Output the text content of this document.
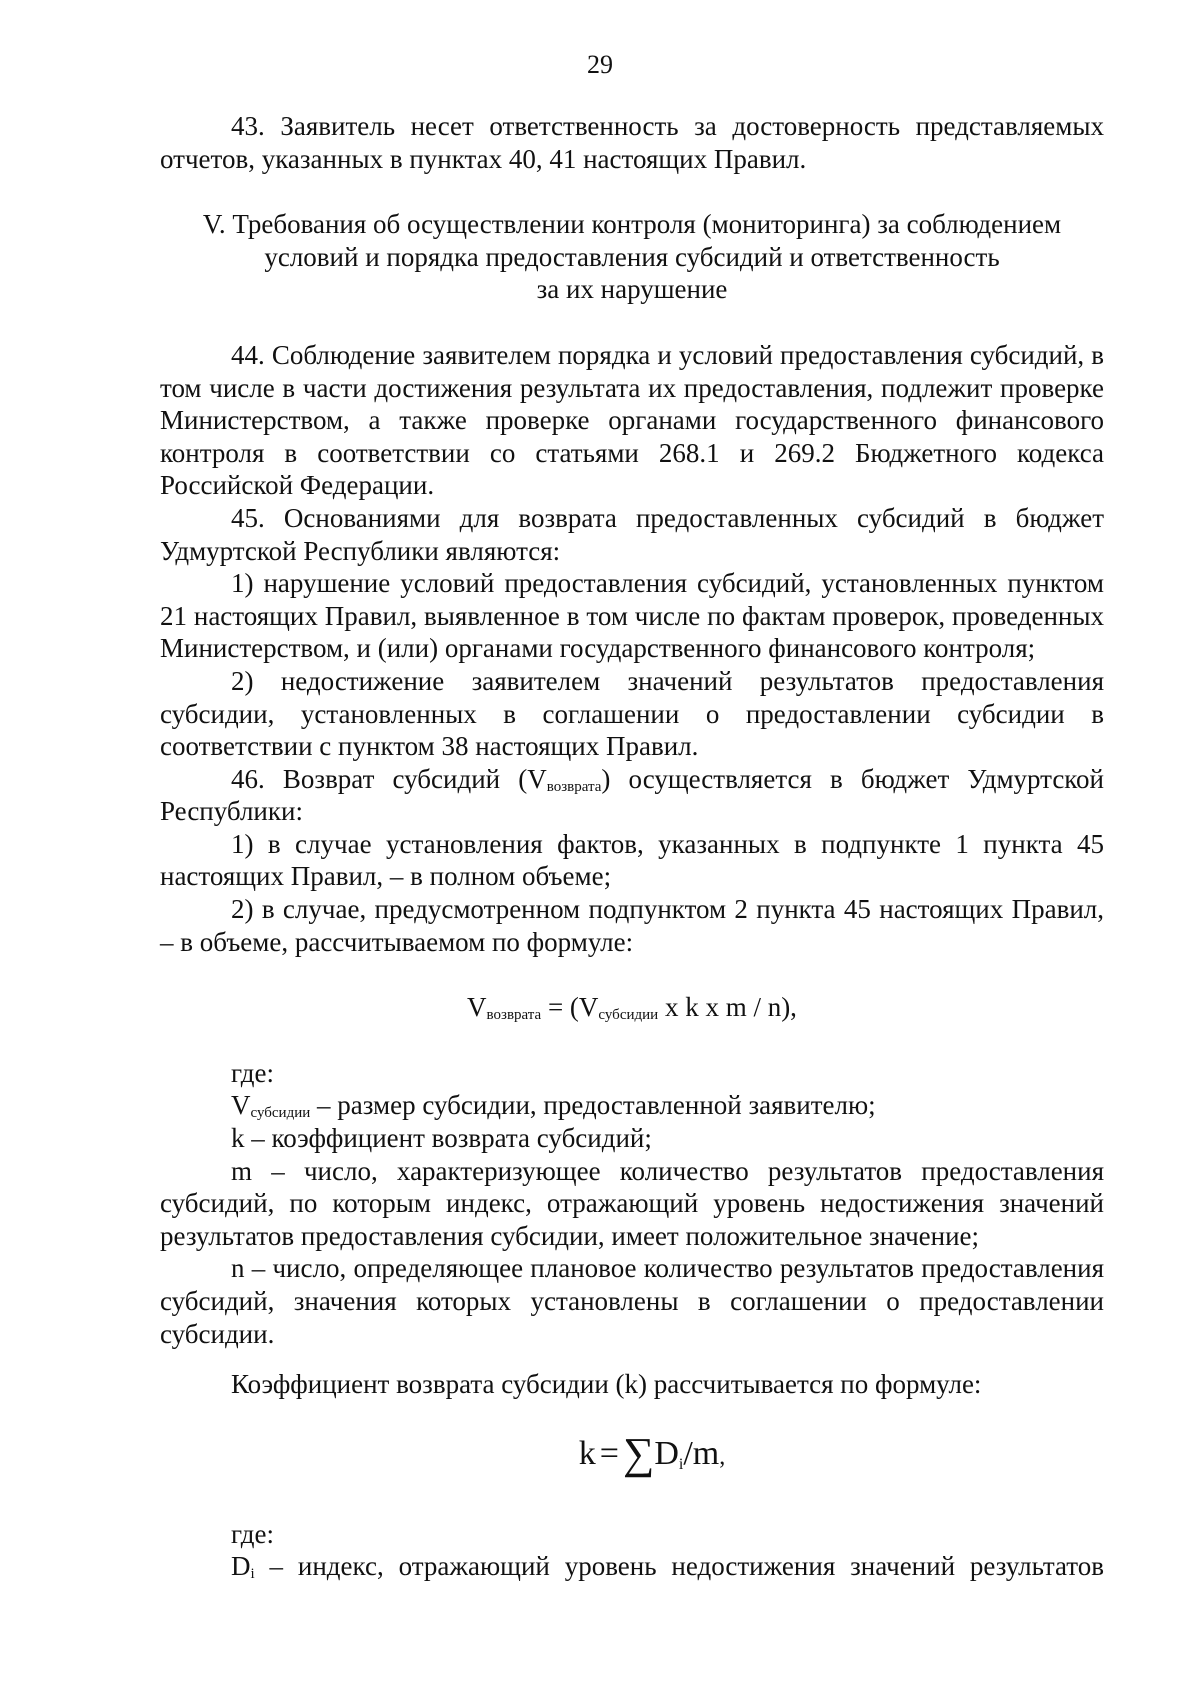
29

43. Заявитель несет ответственность за достоверность представляемых отчетов, указанных в пунктах 40, 41 настоящих Правил.

V. Требования об осуществлении контроля (мониторинга) за соблюдением

условий и порядка предоставления субсидий и ответственность

за их нарушение

44. Соблюдение заявителем порядка и условий предоставления субсидий, в том числе в части достижения результата их предоставления, подлежит проверке Министерством, а также проверке органами государственного финансового контроля в соответствии со статьями 268.1 и 269.2 Бюджетного кодекса Российской Федерации.

45. Основаниями для возврата предоставленных субсидий в бюджет Удмуртской Республики являются:

1) нарушение условий предоставления субсидий, установленных пунктом 21 настоящих Правил, выявленное в том числе по фактам проверок, проведенных Министерством, и (или) органами государственного финансового контроля;

2) недостижение заявителем значений результатов предоставления субсидии, установленных в соглашении о предоставлении субсидии в соответствии с пунктом 38 настоящих Правил.

46. Возврат субсидий $(V_{возврата})$ осуществляется в бюджет Удмуртской Республики:

1) в случае установления фактов, указанных в подпункте 1 пункта 45 настоящих Правил, – в полном объеме;

2) в случае, предусмотренном подпунктом 2 пункта 45 настоящих Правил, – в объеме, рассчитываемом по формуле:

$V_{возврата} = (V_{субсидии}$ x k x m / n),

где:

$V_{субсидии}$ – размер субсидии, предоставленной заявителю;

k – коэффициент возврата субсидий;

m – число, характеризующее количество результатов предоставления субсидий, по которым индекс, отражающий уровень недостижения значений результатов предоставления субсидии, имеет положительное значение;

n – число, определяющее плановое количество результатов предоставления субсидий, значения которых установлены в соглашении о предоставлении субсидии.

Коэффициент возврата субсидии (k) рассчитывается по формуле:

k =∑Di/m,

где:

$D_i$ – индекс, отражающий уровень недостижения значений результатов
